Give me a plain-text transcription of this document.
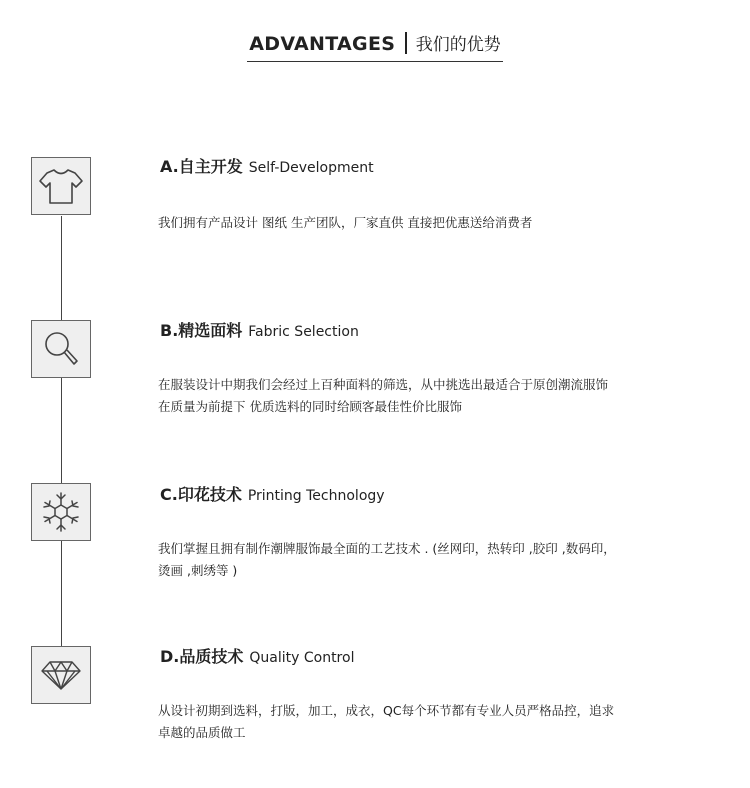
ADVANTAGES 我们的优势
A.自主开发 Self-Development
我们拥有产品设计 图纸 生产团队，厂家直供 直接把优惠送给消费者
B.精选面料 Fabric Selection
在服装设计中期我们会经过上百种面料的筛选，从中挑选出最适合于原创潮流服饰
在质量为前提下 优质选料的同时给顾客最佳性价比服饰
C.印花技术 Printing Technology
我们掌握且拥有制作潮牌服饰最全面的工艺技术 . (丝网印，热转印 ,胶印 ,数码印，
烫画 ,刺绣等 )
D.品质技术 Quality Control
从设计初期到选料，打版，加工，成衣，QC每个环节都有专业人员严格品控，追求
卓越的品质做工
